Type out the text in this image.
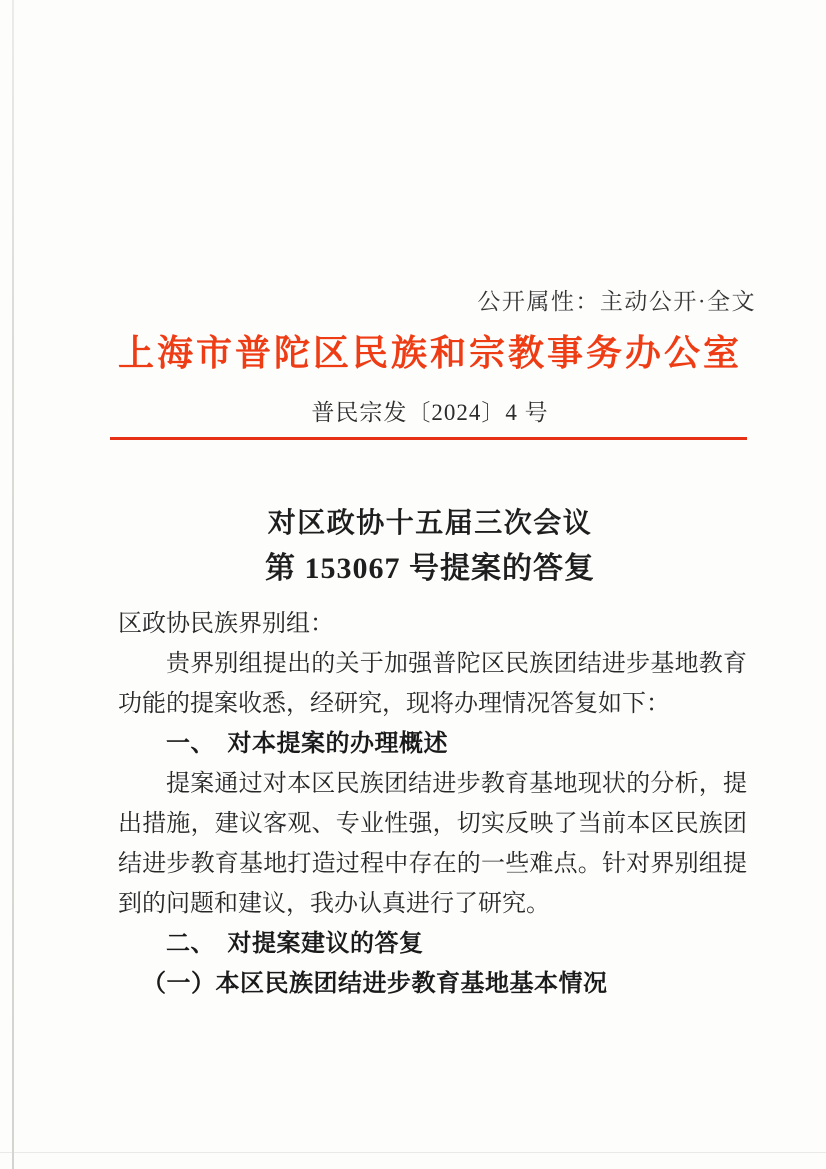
公开属性：主动公开·全文
上海市普陀区民族和宗教事务办公室
普民宗发〔2024〕4 号
对区政协十五届三次会议
第 153067 号提案的答复

区政协民族界别组：

贵界别组提出的关于加强普陀区民族团结进步基地教育功能的提案收悉，经研究，现将办理情况答复如下：

一、　对本提案的办理概述

提案通过对本区民族团结进步教育基地现状的分析，提出措施，建议客观、专业性强，切实反映了当前本区民族团结进步教育基地打造过程中存在的一些难点。针对界别组提到的问题和建议，我办认真进行了研究。

二、　对提案建议的答复

（一）本区民族团结进步教育基地基本情况
